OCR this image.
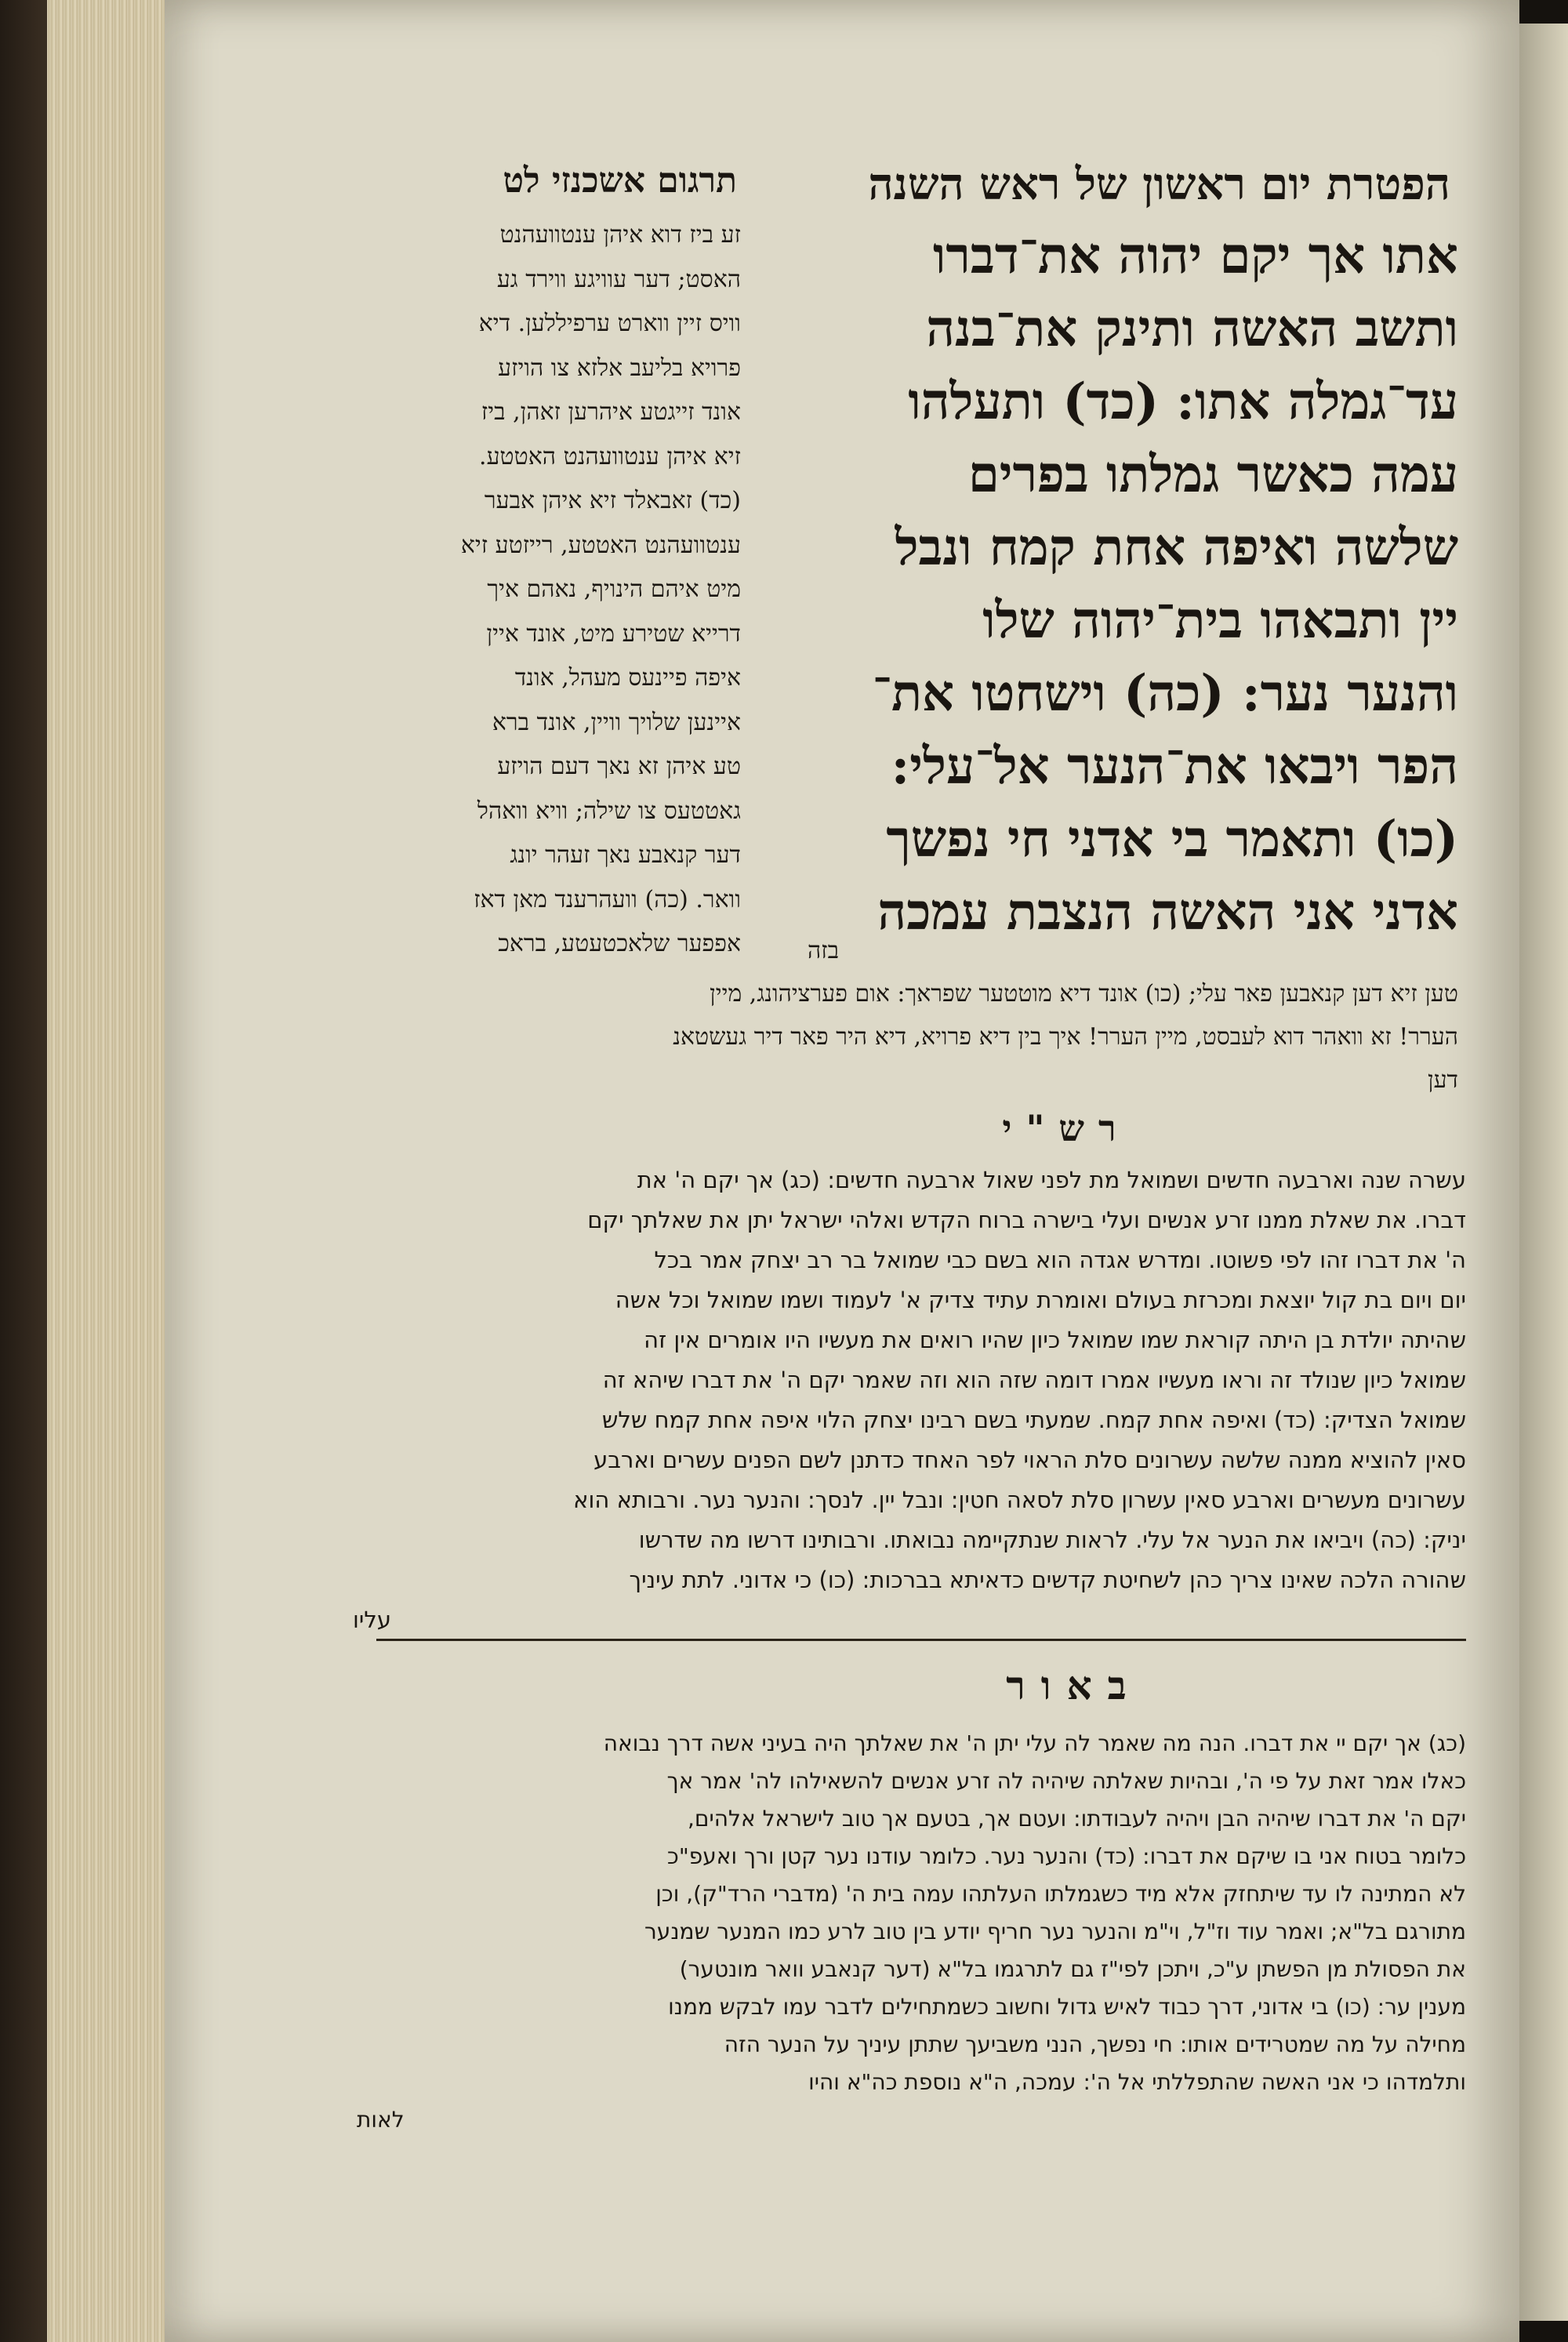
הפטרת יום ראשון של ראש השנה
אתו אך יקם יהוה את־דברו
ותשב האשה ותינק את־בנה
עד־גמלה אתו: (כד) ותעלהו
עמה כאשר גמלתו בפרים
שלשה ואיפה אחת קמח ונבל
יין ותבאהו בית־יהוה שלו
והנער נער: (כה) וישחטו את־
הפר ויבאו את־הנער אל־עלי:
(כו) ותאמר בי אדני חי נפשך
אדני אני האשה הנצבת עמכה
בזה
תרגום אשכנזי לט
זע ביז דוא איהן ענטוועהנט
האסט; דער עוויגע ווירד גע
וויס זיין ווארט ערפיללען. דיא
פרויא בליעב אלזא צו הויזע
אונד זייגטע איהרען זאהן, ביז
זיא איהן ענטוועהנט האטטע.
(כד) זאבאלד זיא איהן אבער
ענטוועהנט האטטע, רייזטע זיא
מיט איהם הינויף, נאהם איך
דרייא שטירע מיט, אונד איין
איפה פיינעס מעהל, אונד
איינען שלויך וויין, אונד ברא
טע איהן זא נאך דעם הויזע
גאטטעס צו שילה; וויא וואהל
דער קנאבע נאך זעהר יונג
וואר. (כה) וועהרענד מאן דאז
אפפער שלאכטעטע, בראכ
טען זיא דען קנאבען פאר עלי; (כו) אונד דיא מוטטער שפראך: אום פערציהונג, מיין
הערר! זא וואהר דוא לעבסט, מיין הערר! איך בין דיא פרויא, דיא היר פאר דיר געשטאנ
דען
רש"י
עשרה שנה וארבעה חדשים ושמואל מת לפני שאול ארבעה חדשים: (כג) אך יקם ה' את
דברו. את שאלת ממנו זרע אנשים ועלי בישרה ברוח הקדש ואלהי ישראל יתן את שאלתך יקם
ה' את דברו זהו לפי פשוטו. ומדרש אגדה הוא בשם כבי שמואל בר רב יצחק אמר בכל
יום ויום בת קול יוצאת ומכרזת בעולם ואומרת עתיד צדיק א' לעמוד ושמו שמואל וכל אשה
שהיתה יולדת בן היתה קוראת שמו שמואל כיון שהיו רואים את מעשיו היו אומרים אין זה
שמואל כיון שנולד זה וראו מעשיו אמרו דומה שזה הוא וזה שאמר יקם ה' את דברו שיהא זה
שמואל הצדיק: (כד) ואיפה אחת קמח. שמעתי בשם רבינו יצחק הלוי איפה אחת קמח שלש
סאין להוציא ממנה שלשה עשרונים סלת הראוי לפר האחד כדתנן לשם הפנים עשרים וארבע
עשרונים מעשרים וארבע סאין עשרון סלת לסאה חטין: ונבל יין. לנסך: והנער נער. ורבותא הוא
יניק: (כה) ויביאו את הנער אל עלי. לראות שנתקיימה נבואתו. ורבותינו דרשו מה שדרשו
שהורה הלכה שאינו צריך כהן לשחיטת קדשים כדאיתא בברכות: (כו) כי אדוני. לתת עיניך
עליו
באור
(כג) אך יקם יי את דברו. הנה מה שאמר לה עלי יתן ה' את שאלתך היה בעיני אשה דרך נבואה
כאלו אמר זאת על פי ה', ובהיות שאלתה שיהיה לה זרע אנשים להשאילהו לה' אמר אך
יקם ה' את דברו שיהיה הבן ויהיה לעבודתו: ועטם אך, בטעם אך טוב לישראל אלהים,
כלומר בטוח אני בו שיקם את דברו: (כד) והנער נער. כלומר עודנו נער קטן ורך ואעפ"כ
לא המתינה לו עד שיתחזק אלא מיד כשגמלתו העלתהו עמה בית ה' (מדברי הרד"ק), וכן
מתורגם בל"א; ואמר עוד וז"ל, וי"מ והנער נער חריף יודע בין טוב לרע כמו המנער שמנער
את הפסולת מן הפשתן ע"כ, ויתכן לפי"ז גם לתרגמו בל"א (דער קנאבע וואר מונטער)
מענין ער: (כו) בי אדוני, דרך כבוד לאיש גדול וחשוב כשמתחילים לדבר עמו לבקש ממנו
מחילה על מה שמטרידים אותו: חי נפשך, הנני משביעך שתתן עיניך על הנער הזה
ותלמדהו כי אני האשה שהתפללתי אל ה': עמכה, ה"א נוספת כה"א והיו
לאות
